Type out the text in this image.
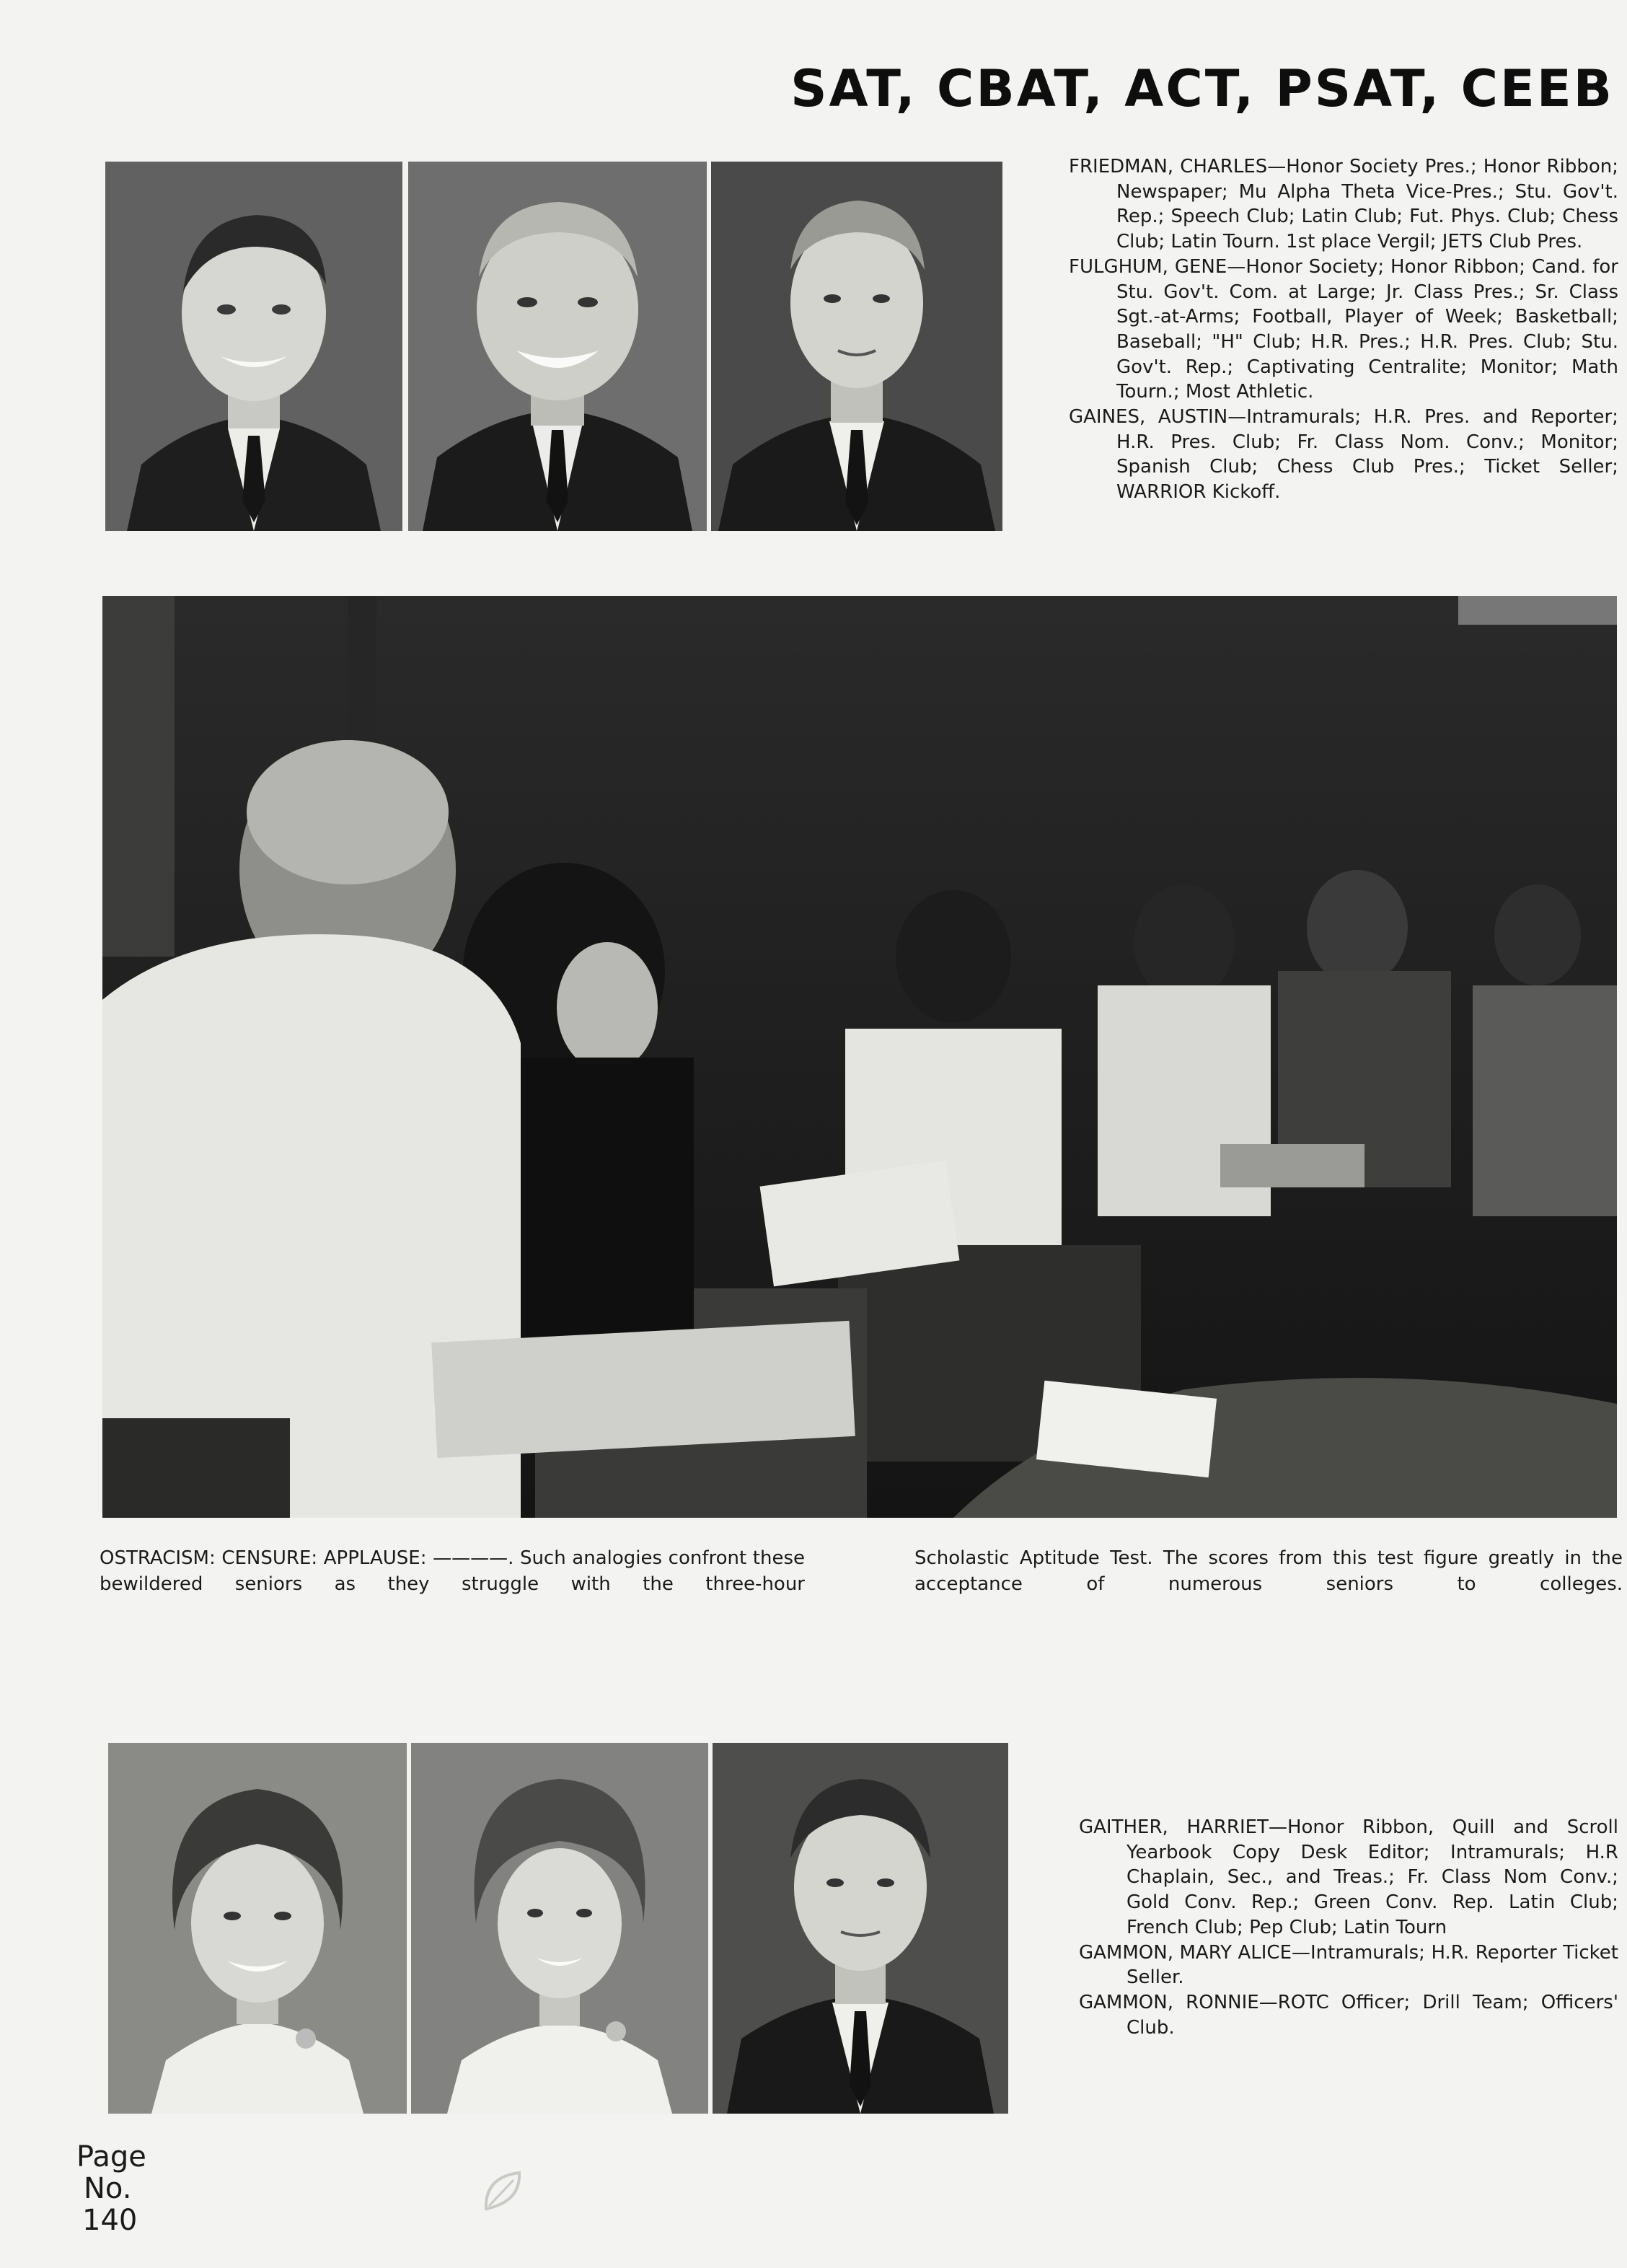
SAT, CBAT, ACT, PSAT, CEEB

FRIEDMAN, CHARLES—Honor Society Pres.; Honor Ribbon; Newspaper; Mu Alpha Theta Vice-Pres.; Stu. Gov't. Rep.; Speech Club; Latin Club; Fut. Phys. Club; Chess Club; Latin Tourn. 1st place Vergil; JETS Club Pres.

FULGHUM, GENE—Honor Society; Honor Ribbon; Cand. for Stu. Gov't. Com. at Large; Jr. Class Pres.; Sr. Class Sgt.-at-Arms; Football, Player of Week; Basketball; Baseball; "H" Club; H.R. Pres.; H.R. Pres. Club; Stu. Gov't. Rep.; Captivating Centralite; Monitor; Math Tourn.; Most Athletic.

GAINES, AUSTIN—Intramurals; H.R. Pres. and Reporter; H.R. Pres. Club; Fr. Class Nom. Conv.; Monitor; Spanish Club; Chess Club Pres.; Ticket Seller; WARRIOR Kickoff.

OSTRACISM: CENSURE: APPLAUSE: ————. Such analogies confront these bewildered seniors as they struggle with the three-hour

Scholastic Aptitude Test. The scores from this test figure greatly in the acceptance of numerous seniors to colleges.

GAITHER, HARRIET—Honor Ribbon, Quill and Scroll Yearbook Copy Desk Editor; Intramurals; H.R Chaplain, Sec., and Treas.; Fr. Class Nom Conv.; Gold Conv. Rep.; Green Conv. Rep. Latin Club; French Club; Pep Club; Latin Tourn

GAMMON, MARY ALICE—Intramurals; H.R. Reporter Ticket Seller.

GAMMON, RONNIE—ROTC Officer; Drill Team; Officers' Club.

Page
No.
140
